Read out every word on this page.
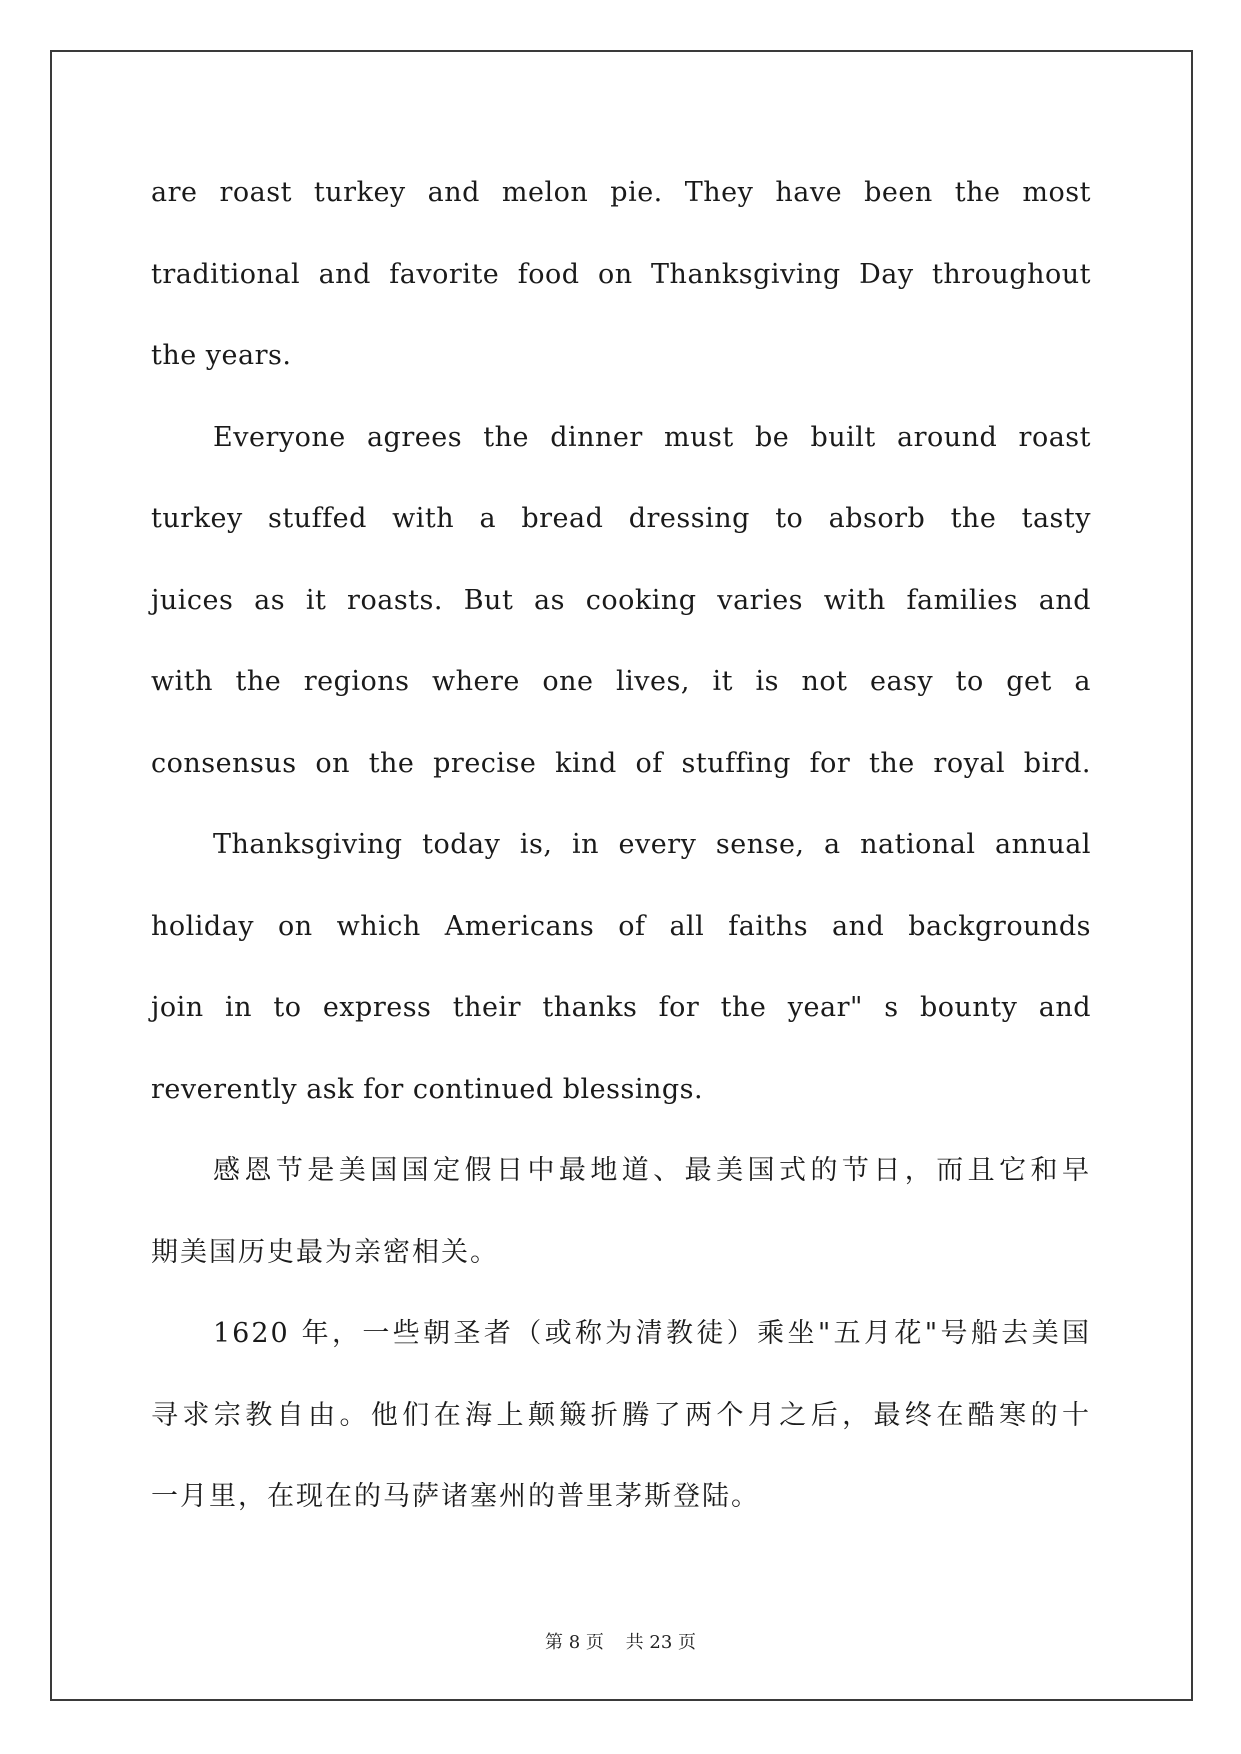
are roast turkey and melon pie. They have been the most
traditional and favorite food on Thanksgiving Day throughout
the years.
Everyone agrees the dinner must be built around roast
turkey stuffed with a bread dressing to absorb the tasty
juices as it roasts. But as cooking varies with families and
with the regions where one lives, it is not easy to get a
consensus on the precise kind of stuffing for the royal bird.
Thanksgiving today is, in every sense, a national annual
holiday on which Americans of all faiths and backgrounds
join in to express their thanks for the year" s bounty and
reverently ask for continued blessings.
感恩节是美国国定假日中最地道、最美国式的节日，而且它和早
期美国历史最为亲密相关。
1620 年，一些朝圣者（或称为清教徒）乘坐"五月花"号船去美国
寻求宗教自由。他们在海上颠簸折腾了两个月之后，最终在酷寒的十
一月里，在现在的马萨诸塞州的普里茅斯登陆。
第 8 页 共 23 页
